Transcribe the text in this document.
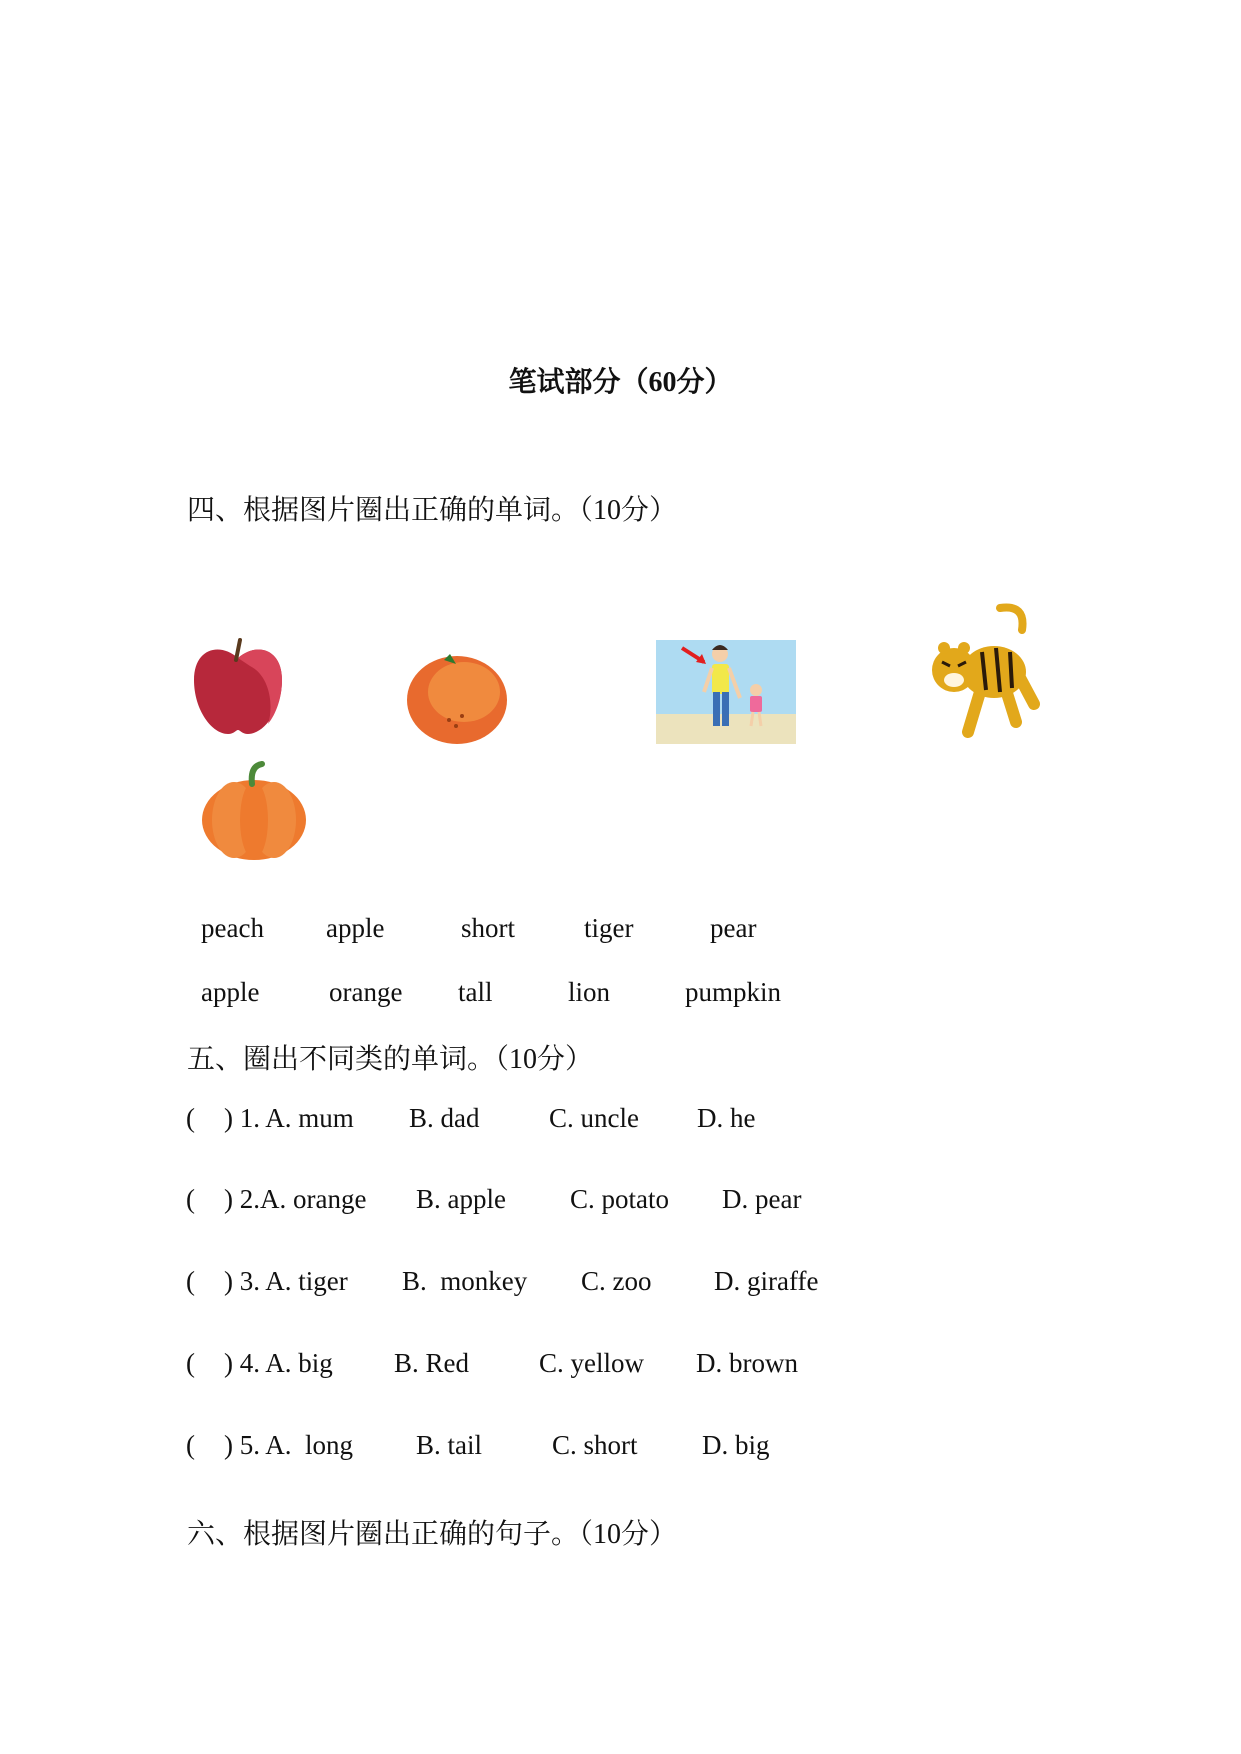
笔试部分（60分）
四、根据图片圈出正确的单词。（10分）
peach apple	short	tiger	pear
apple	orange tall	lion	pumpkin
五、圈出不同类的单词。（10分）
( ) 1. A. mum B. dad	C. uncle D. he
( ) 2.A. orange B. apple C. potato D. pear
( ) 3. A. tiger B.  monkey C. zoo D. giraffe
( ) 4. A. big B. Red	C. yellow D. brown
( ) 5. A.  long B. tail	C. short D. big
六、根据图片圈出正确的句子。（10分）
